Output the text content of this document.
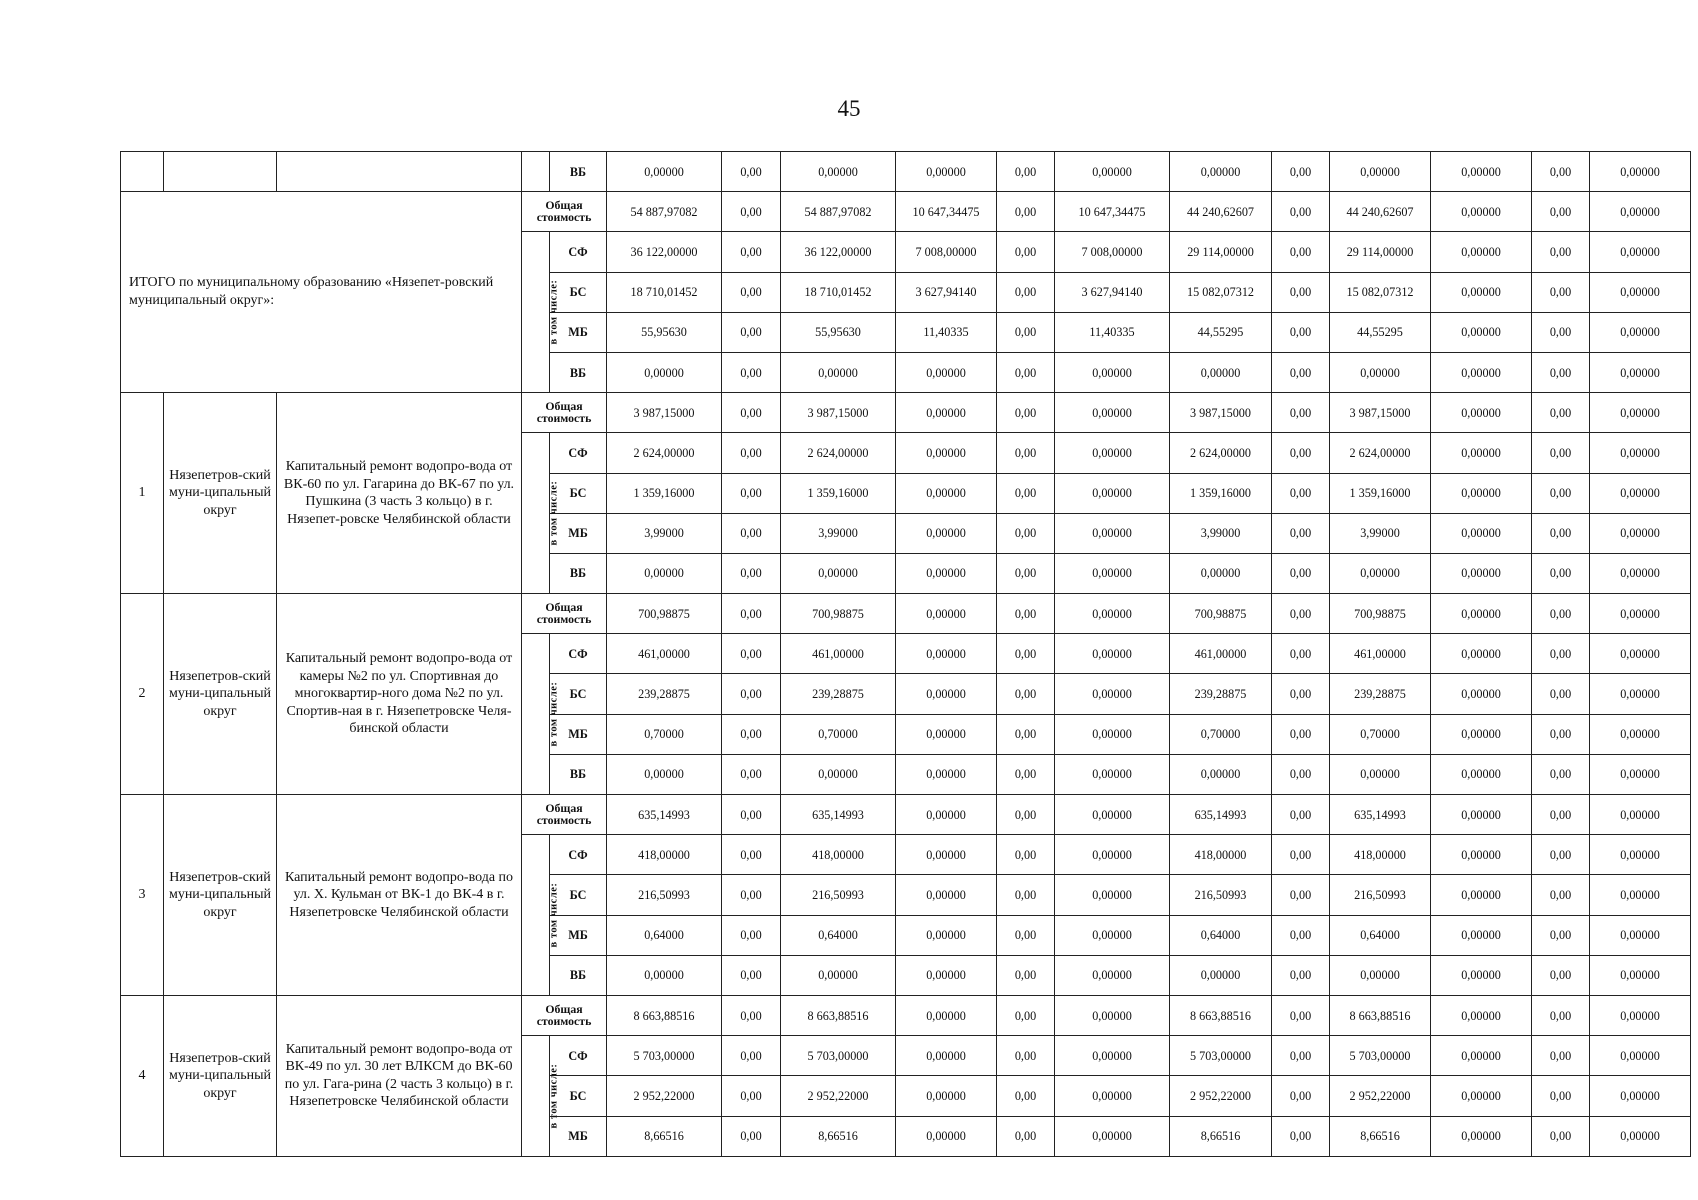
45
				ВБ	0,00000	0,00	0,00000	0,00000	0,00	0,00000	0,00000	0,00	0,00000	0,00000	0,00	0,00000
ИТОГО по муниципальному образованию «Нязепет-ровский муниципальный округ»:			Общая стоимость		54 887,97082	0,00	54 887,97082	10 647,34475	0,00	10 647,34475	44 240,62607	0,00	44 240,62607	0,00000	0,00	0,00000
			в том числе:	СФ	36 122,00000	0,00	36 122,00000	7 008,00000	0,00	7 008,00000	29 114,00000	0,00	29 114,00000	0,00000	0,00	0,00000
				БС	18 710,01452	0,00	18 710,01452	3 627,94140	0,00	3 627,94140	15 082,07312	0,00	15 082,07312	0,00000	0,00	0,00000
				МБ	55,95630	0,00	55,95630	11,40335	0,00	11,40335	44,55295	0,00	44,55295	0,00000	0,00	0,00000
				ВБ	0,00000	0,00	0,00000	0,00000	0,00	0,00000	0,00000	0,00	0,00000	0,00000	0,00	0,00000
1	Нязепетров-ский муни-ципальный округ	Капитальный ремонт водопро-вода от ВК-60 по ул. Гагарина до ВК-67 по ул. Пушкина (3 часть 3 кольцо) в г. Нязепет-ровске Челябинской области	Общая стоимость		3 987,15000	0,00	3 987,15000	0,00000	0,00	0,00000	3 987,15000	0,00	3 987,15000	0,00000	0,00	0,00000
			в том числе:	СФ	2 624,00000	0,00	2 624,00000	0,00000	0,00	0,00000	2 624,00000	0,00	2 624,00000	0,00000	0,00	0,00000
				БС	1 359,16000	0,00	1 359,16000	0,00000	0,00	0,00000	1 359,16000	0,00	1 359,16000	0,00000	0,00	0,00000
				МБ	3,99000	0,00	3,99000	0,00000	0,00	0,00000	3,99000	0,00	3,99000	0,00000	0,00	0,00000
				ВБ	0,00000	0,00	0,00000	0,00000	0,00	0,00000	0,00000	0,00	0,00000	0,00000	0,00	0,00000
2	Нязепетров-ский муни-ципальный округ	Капитальный ремонт водопро-вода от камеры №2 по ул. Спортивная до многоквартир-ного дома №2 по ул. Спортив-ная в г. Нязепетровске Челя-бинской области	Общая стоимость		700,98875	0,00	700,98875	0,00000	0,00	0,00000	700,98875	0,00	700,98875	0,00000	0,00	0,00000
			в том числе:	СФ	461,00000	0,00	461,00000	0,00000	0,00	0,00000	461,00000	0,00	461,00000	0,00000	0,00	0,00000
				БС	239,28875	0,00	239,28875	0,00000	0,00	0,00000	239,28875	0,00	239,28875	0,00000	0,00	0,00000
				МБ	0,70000	0,00	0,70000	0,00000	0,00	0,00000	0,70000	0,00	0,70000	0,00000	0,00	0,00000
				ВБ	0,00000	0,00	0,00000	0,00000	0,00	0,00000	0,00000	0,00	0,00000	0,00000	0,00	0,00000
3	Нязепетров-ский муни-ципальный округ	Капитальный ремонт водопро-вода по ул. Х. Кульман от ВК-1 до ВК-4 в г. Нязепетровске Челябинской области	Общая стоимость		635,14993	0,00	635,14993	0,00000	0,00	0,00000	635,14993	0,00	635,14993	0,00000	0,00	0,00000
			в том числе:	СФ	418,00000	0,00	418,00000	0,00000	0,00	0,00000	418,00000	0,00	418,00000	0,00000	0,00	0,00000
				БС	216,50993	0,00	216,50993	0,00000	0,00	0,00000	216,50993	0,00	216,50993	0,00000	0,00	0,00000
				МБ	0,64000	0,00	0,64000	0,00000	0,00	0,00000	0,64000	0,00	0,64000	0,00000	0,00	0,00000
				ВБ	0,00000	0,00	0,00000	0,00000	0,00	0,00000	0,00000	0,00	0,00000	0,00000	0,00	0,00000
4	Нязепетров-ский муни-ципальный округ	Капитальный ремонт водопро-вода от ВК-49 по ул. 30 лет ВЛКСМ до ВК-60 по ул. Гага-рина (2 часть 3 кольцо) в г. Нязепетровске Челябинской области	Общая стоимость		8 663,88516	0,00	8 663,88516	0,00000	0,00	0,00000	8 663,88516	0,00	8 663,88516	0,00000	0,00	0,00000
			в том числе:	СФ	5 703,00000	0,00	5 703,00000	0,00000	0,00	0,00000	5 703,00000	0,00	5 703,00000	0,00000	0,00	0,00000
				БС	2 952,22000	0,00	2 952,22000	0,00000	0,00	0,00000	2 952,22000	0,00	2 952,22000	0,00000	0,00	0,00000
				МБ	8,66516	0,00	8,66516	0,00000	0,00	0,00000	8,66516	0,00	8,66516	0,00000	0,00	0,00000
